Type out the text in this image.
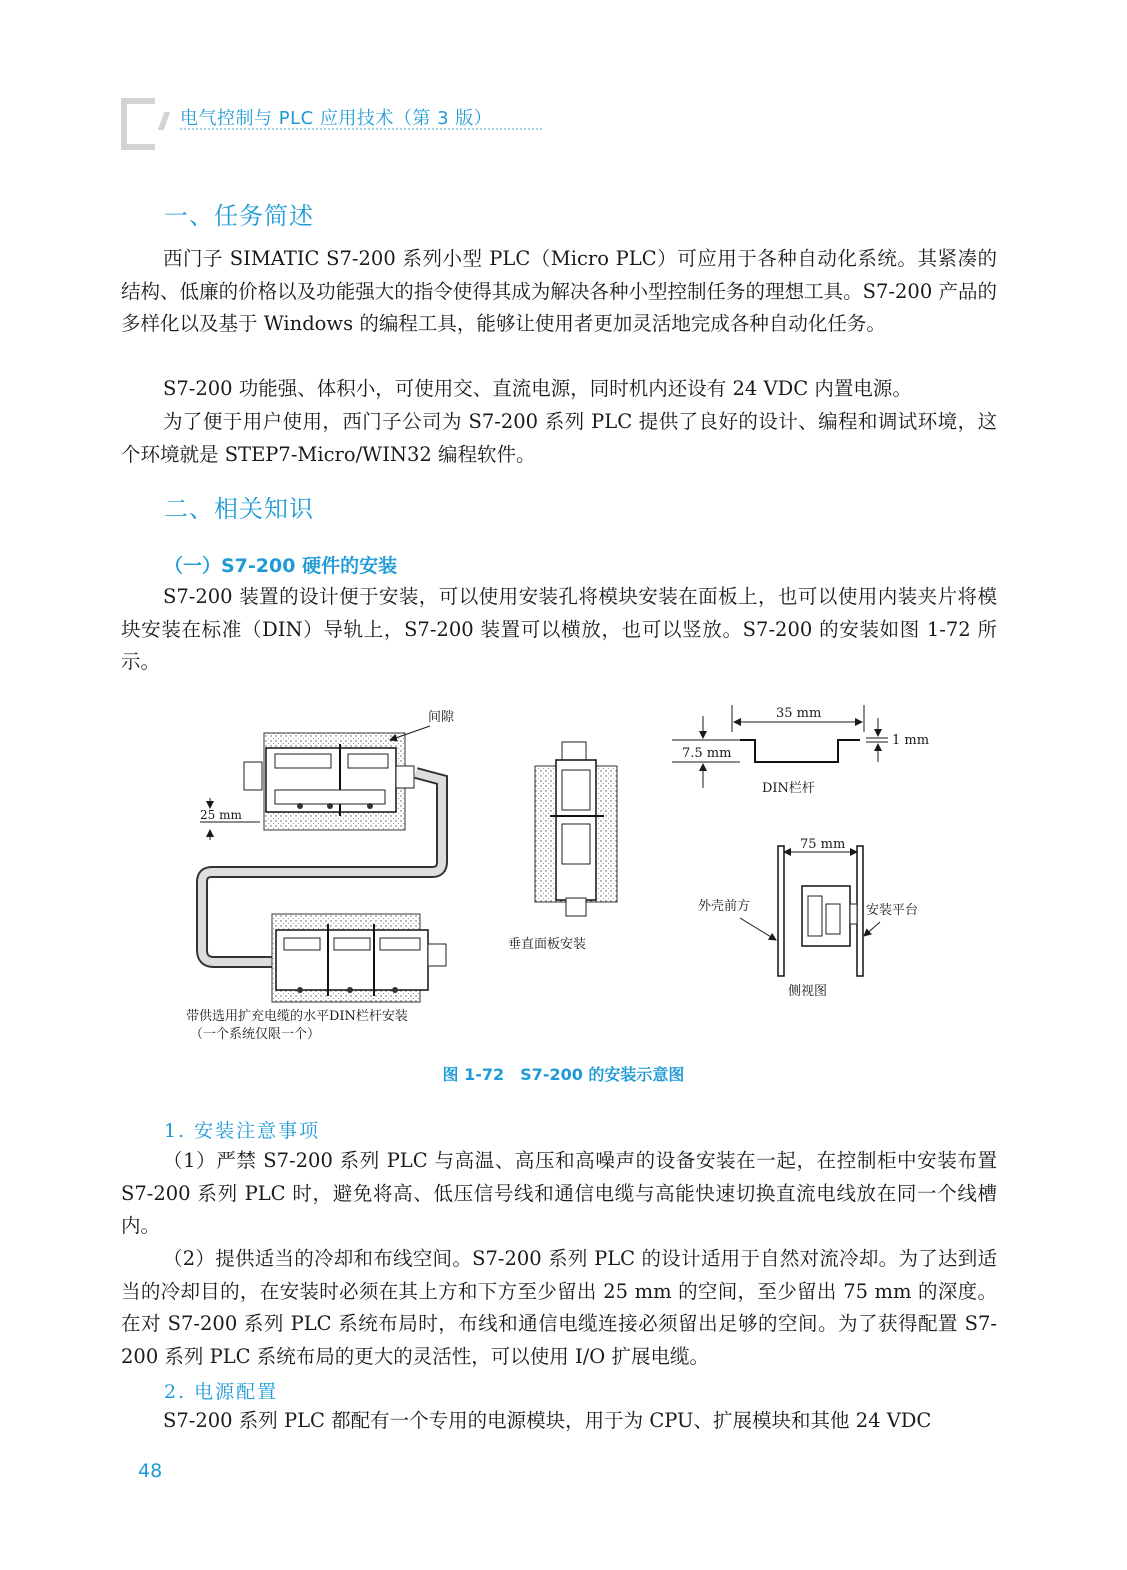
电气控制与 PLC 应用技术（第 3 版）
一、任务简述

西门子 SIMATIC S7-200 系列小型 PLC（Micro PLC）可应用于各种自动化系统。其紧凑的结构、低廉的价格以及功能强大的指令使得其成为解决各种小型控制任务的理想工具。S7-200 产品的多样化以及基于 Windows 的编程工具，能够让使用者更加灵活地完成各种自动化任务。

S7-200 功能强、体积小，可使用交、直流电源，同时机内还设有 24 VDC 内置电源。

为了便于用户使用，西门子公司为 S7-200 系列 PLC 提供了良好的设计、编程和调试环境，这个环境就是 STEP7-Micro/WIN32 编程软件。

二、相关知识
（一）S7-200 硬件的安装

S7-200 装置的设计便于安装，可以使用安装孔将模块安装在面板上，也可以使用内装夹片将模块安装在标准（DIN）导轨上，S7-200 装置可以横放，也可以竖放。S7-200 的安装如图 1-72 所示。

间隙
25 mm
带供选用扩充电缆的水平DIN栏杆安装
（一个系统仅限一个）
垂直面板安装
35 mm
7.5 mm
1 mm
DIN栏杆
75 mm
外壳前方	安装平台
侧视图
图 1-72　S7-200 的安装示意图
1. 安装注意事项

（1）严禁 S7-200 系列 PLC 与高温、高压和高噪声的设备安装在一起，在控制柜中安装布置 S7-200 系列 PLC 时，避免将高、低压信号线和通信电缆与高能快速切换直流电线放在同一个线槽内。

（2）提供适当的冷却和布线空间。S7-200 系列 PLC 的设计适用于自然对流冷却。为了达到适当的冷却目的，在安装时必须在其上方和下方至少留出 25 mm 的空间，至少留出 75 mm 的深度。在对 S7-200 系列 PLC 系统布局时，布线和通信电缆连接必须留出足够的空间。为了获得配置 S7-200 系列 PLC 系统布局的更大的灵活性，可以使用 I/O 扩展电缆。

2. 电源配置

S7-200 系列 PLC 都配有一个专用的电源模块，用于为 CPU、扩展模块和其他 24 VDC

48
